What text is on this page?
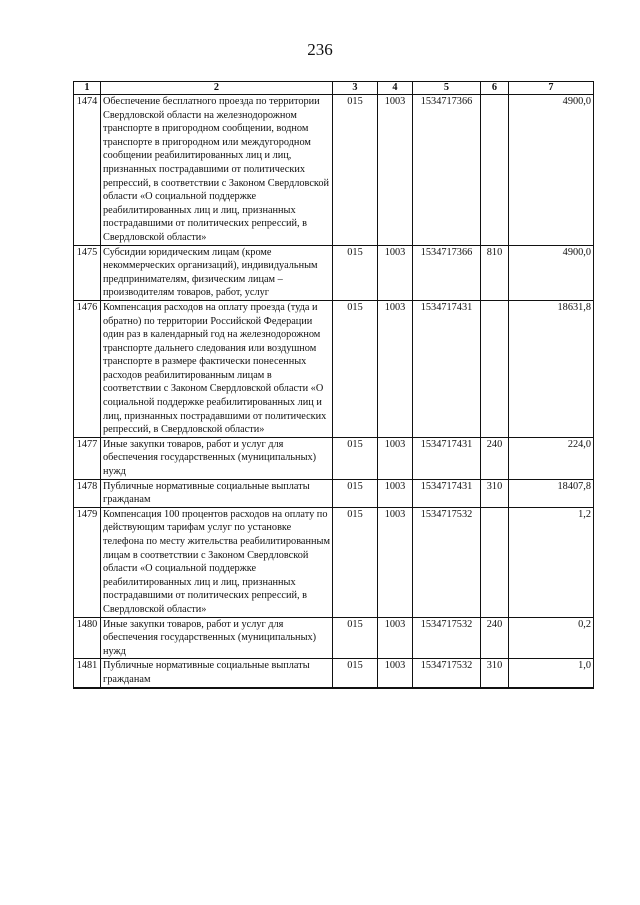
236
1	2	3	4	5	6	7
1474	Обеспечение бесплатного проезда по территории Свердловской области на железнодорожном транспорте в пригородном сообщении, водном транспорте в пригородном или междугородном сообщении реабилитированных лиц и лиц, признанных пострадавшими от политических репрессий, в соответствии с Законом Свердловской области «О социальной поддержке реабилитированных лиц и лиц, признанных пострадавшими от политических репрессий, в Свердловской области»	015	1003	1534717366		4900,0
1475	Субсидии юридическим лицам (кроме некоммерческих организаций), индивидуальным предпринимателям, физическим лицам – производителям товаров, работ, услуг	015	1003	1534717366	810	4900,0
1476	Компенсация расходов на оплату проезда (туда и обратно) по территории Российской Федерации один раз в календарный год на железнодорожном транспорте дальнего следования или воздушном транспорте в размере фактически понесенных расходов реабилитированным лицам в соответствии с Законом Свердловской области «О социальной поддержке реабилитированных лиц и лиц, признанных пострадавшими от политических репрессий, в Свердловской области»	015	1003	1534717431		18631,8
1477	Иные закупки товаров, работ и услуг для обеспечения государственных (муниципальных) нужд	015	1003	1534717431	240	224,0
1478	Публичные нормативные социальные выплаты гражданам	015	1003	1534717431	310	18407,8
1479	Компенсация 100 процентов расходов на оплату по действующим тарифам услуг по установке телефона по месту жительства реабилитированным лицам в соответствии с Законом Свердловской области «О социальной поддержке реабилитированных лиц и лиц, признанных пострадавшими от политических репрессий, в Свердловской области»	015	1003	1534717532		1,2
1480	Иные закупки товаров, работ и услуг для обеспечения государственных (муниципальных) нужд	015	1003	1534717532	240	0,2
1481	Публичные нормативные социальные выплаты гражданам	015	1003	1534717532	310	1,0
